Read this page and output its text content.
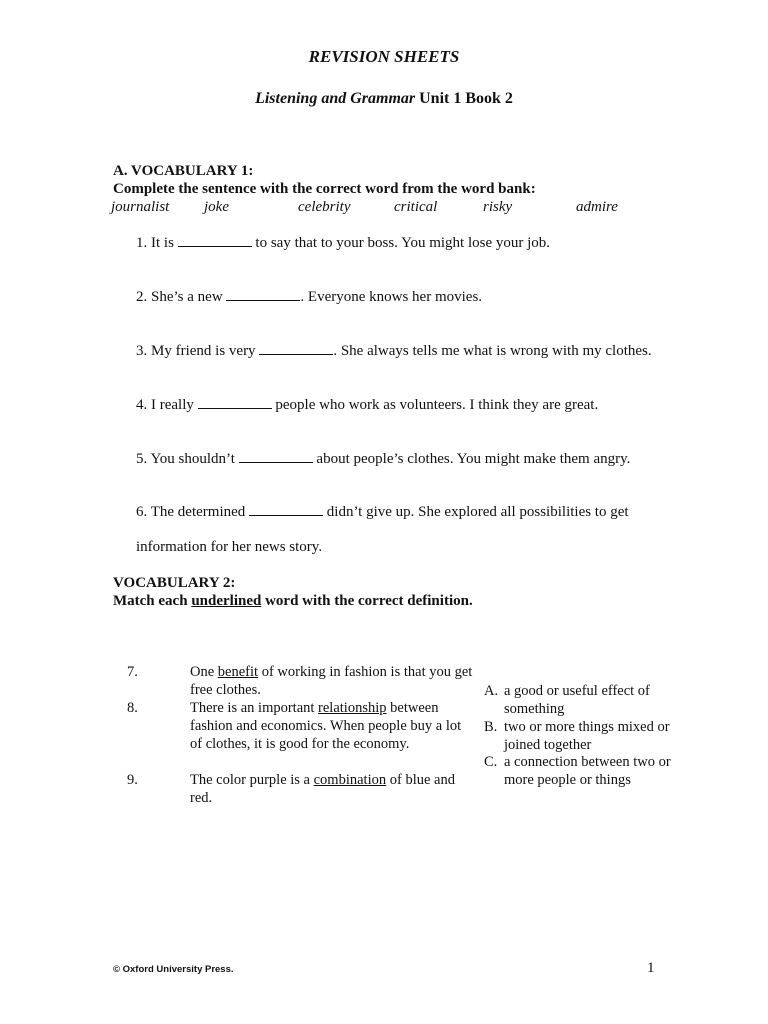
REVISION SHEETS
Listening and Grammar Unit 1 Book 2
A. VOCABULARY 1:
Complete the sentence with the correct word from the word bank:
journalist joke	celebrity	critical	risky	admire
1. It is	to say that to your boss. You might lose your job.
2. She’s a new	. Everyone knows her movies.
3. My friend is very	. She always tells me what is wrong with my clothes.
4. I really	people who work as volunteers. I think they are great.
5. You shouldn’t	about people’s clothes. You might make them angry.
6. The determined	didn’t give up. She explored all possibilities to get
information for her news story.
VOCABULARY 2:
Match each underlined word with the correct definition.
7.	One benefit of working in fashion is that you get free clothes.
8.	There is an important relationship between fashion and economics. When people buy a lot of clothes, it is good for the economy.
9.	The color purple is a combination of blue and red.
A. a good or useful effect of something
B. two or more things mixed or joined together
C. a connection between two or more people or things
© Oxford University Press.	1
